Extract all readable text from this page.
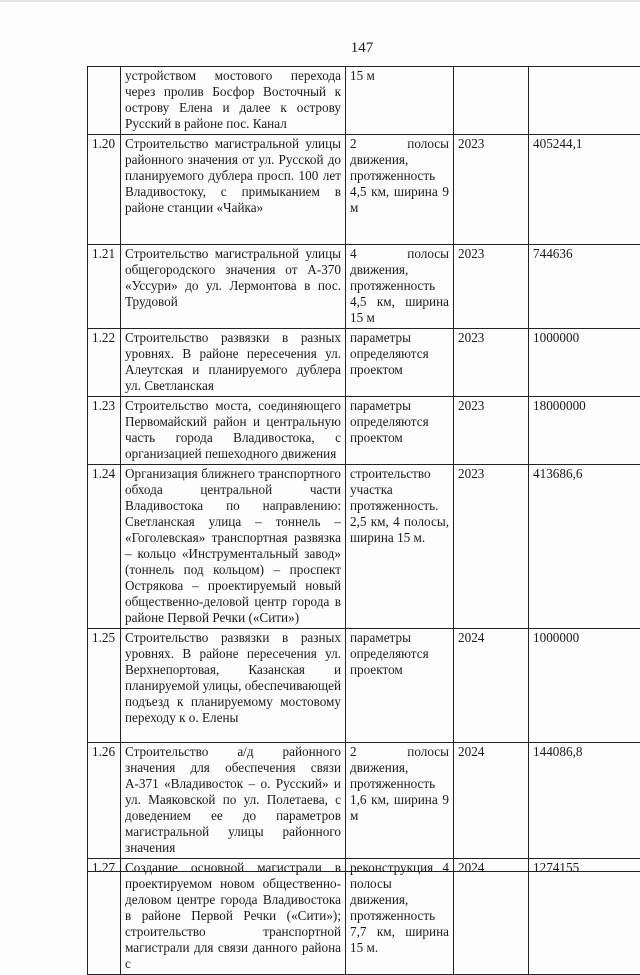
147
	устройством мостового перехода через пролив Босфор Восточный к острову Елена и далее к острову Русский в районе пос. Канал	15 м		
1.20	Строительство магистральной улицы районного значения от ул. Русской до планируемого дублера просп. 100 лет Владивостоку, с примыканием в районе станции «Чайка»	2 полосы движения, протяженность 4,5 км, ширина 9 м	2023	405244,1
1.21	Строительство магистральной улицы общегородского значения от А-370 «Уссури» до ул. Лермонтова в пос. Трудовой	4 полосы движения, протяженность 4,5 км, ширина 15 м	2023	744636
1.22	Строительство развязки в разных уровнях. В районе пересечения ул. Алеутская и планируемого дублера ул. Светланская	параметры определяются проектом	2023	1000000
1.23	Строительство моста, соединяющего Первомайский район и центральную часть города Владивостока, с организацией пешеходного движения	параметры определяются проектом	2023	18000000
1.24	Организация ближнего транспортного обхода центральной части Владивостока по направлению: Светланская улица – тоннель – «Гоголевская» транспортная развязка – кольцо «Инструментальный завод» (тоннель под кольцом) – проспект Острякова – проектируемый новый общественно-деловой центр города в районе Первой Речки («Сити»)	строительство участка протяженность. 2,5 км, 4 полосы, ширина 15 м.	2023	413686,6
1.25	Строительство развязки в разных уровнях. В районе пересечения ул. Верхнепортовая, Казанская и планируемой улицы, обеспечивающей подъезд к планируемому мостовому переходу к о. Елены	параметры определяются проектом	2024	1000000
1.26	Строительство а/д районного значения для обеспечения связи А-371 «Владивосток – о. Русский» и ул. Маяковской по ул. Полетаева, с доведением ее до параметров магистральной улицы районного значения	2 полосы движения, протяженность 1,6 км, ширина 9 м	2024	144086,8
1.27	Создание основной магистрали в проектируемом новом общественно-деловом центре города Владивостока в районе Первой Речки («Сити»); строительство транспортной магистрали для связи данного района с	реконструкция 4 полосы движения, протяженность 7,7 км, ширина 15 м.	2024	1274155
